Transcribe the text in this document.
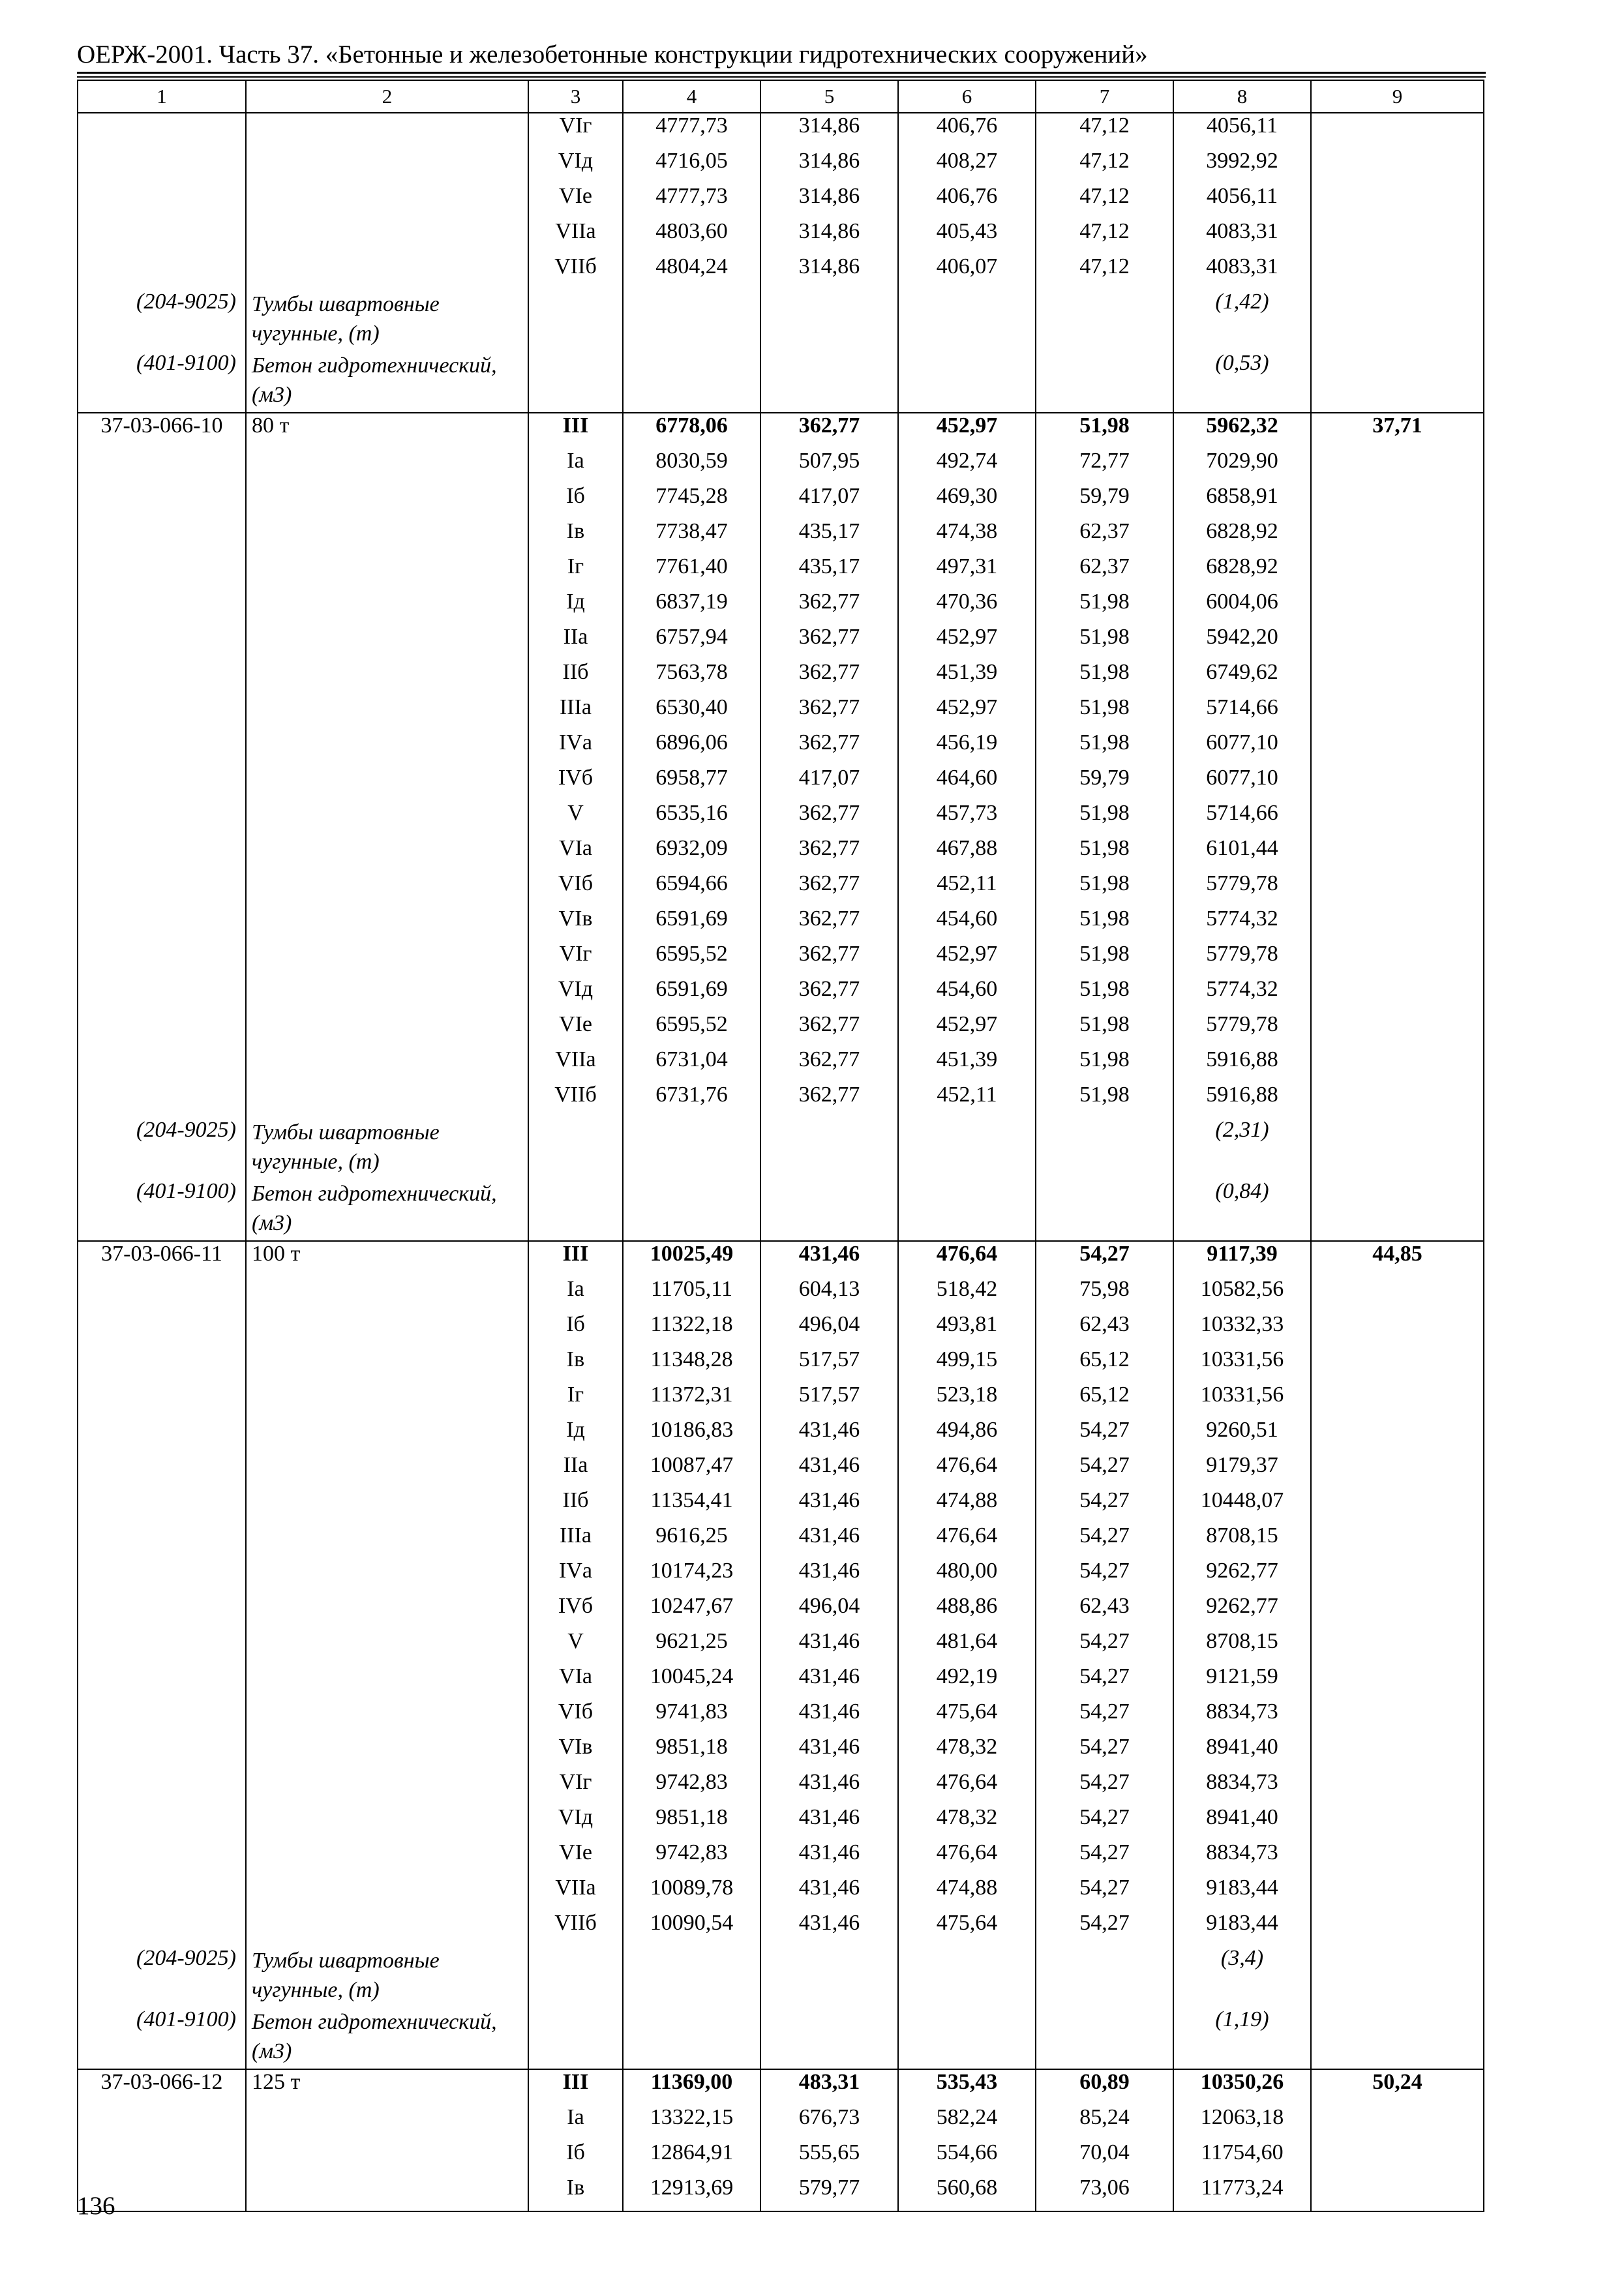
ОЕРЖ-2001. Часть 37. «Бетонные и железобетонные конструкции гидротехнических сооружений»
1	2	3	4	5	6	7	8	9
		VIг	4777,73	314,86	406,76	47,12	4056,11	
		VIд	4716,05	314,86	408,27	47,12	3992,92	
		VIе	4777,73	314,86	406,76	47,12	4056,11	
		VIIа	4803,60	314,86	405,43	47,12	4083,31	
		VIIб	4804,24	314,86	406,07	47,12	4083,31	
(204-9025)	Тумбы швартовные чугунные, (т)						(1,42)	
(401-9100)	Бетон гидротехнический, (м3)						(0,53)	
37-03-066-10	80 т	III	6778,06	362,77	452,97	51,98	5962,32	37,71
		Iа	8030,59	507,95	492,74	72,77	7029,90	
		Iб	7745,28	417,07	469,30	59,79	6858,91	
		Iв	7738,47	435,17	474,38	62,37	6828,92	
		Iг	7761,40	435,17	497,31	62,37	6828,92	
		Iд	6837,19	362,77	470,36	51,98	6004,06	
		IIа	6757,94	362,77	452,97	51,98	5942,20	
		IIб	7563,78	362,77	451,39	51,98	6749,62	
		IIIа	6530,40	362,77	452,97	51,98	5714,66	
		IVа	6896,06	362,77	456,19	51,98	6077,10	
		IVб	6958,77	417,07	464,60	59,79	6077,10	
		V	6535,16	362,77	457,73	51,98	5714,66	
		VIа	6932,09	362,77	467,88	51,98	6101,44	
		VIб	6594,66	362,77	452,11	51,98	5779,78	
		VIв	6591,69	362,77	454,60	51,98	5774,32	
		VIг	6595,52	362,77	452,97	51,98	5779,78	
		VIд	6591,69	362,77	454,60	51,98	5774,32	
		VIе	6595,52	362,77	452,97	51,98	5779,78	
		VIIа	6731,04	362,77	451,39	51,98	5916,88	
		VIIб	6731,76	362,77	452,11	51,98	5916,88	
(204-9025)	Тумбы швартовные чугунные, (т)						(2,31)	
(401-9100)	Бетон гидротехнический, (м3)						(0,84)	
37-03-066-11	100 т	III	10025,49	431,46	476,64	54,27	9117,39	44,85
		Iа	11705,11	604,13	518,42	75,98	10582,56	
		Iб	11322,18	496,04	493,81	62,43	10332,33	
		Iв	11348,28	517,57	499,15	65,12	10331,56	
		Iг	11372,31	517,57	523,18	65,12	10331,56	
		Iд	10186,83	431,46	494,86	54,27	9260,51	
		IIа	10087,47	431,46	476,64	54,27	9179,37	
		IIб	11354,41	431,46	474,88	54,27	10448,07	
		IIIа	9616,25	431,46	476,64	54,27	8708,15	
		IVа	10174,23	431,46	480,00	54,27	9262,77	
		IVб	10247,67	496,04	488,86	62,43	9262,77	
		V	9621,25	431,46	481,64	54,27	8708,15	
		VIа	10045,24	431,46	492,19	54,27	9121,59	
		VIб	9741,83	431,46	475,64	54,27	8834,73	
		VIв	9851,18	431,46	478,32	54,27	8941,40	
		VIг	9742,83	431,46	476,64	54,27	8834,73	
		VIд	9851,18	431,46	478,32	54,27	8941,40	
		VIе	9742,83	431,46	476,64	54,27	8834,73	
		VIIа	10089,78	431,46	474,88	54,27	9183,44	
		VIIб	10090,54	431,46	475,64	54,27	9183,44	
(204-9025)	Тумбы швартовные чугунные, (т)						(3,4)	
(401-9100)	Бетон гидротехнический, (м3)						(1,19)	
37-03-066-12	125 т	III	11369,00	483,31	535,43	60,89	10350,26	50,24
		Iа	13322,15	676,73	582,24	85,24	12063,18	
		Iб	12864,91	555,65	554,66	70,04	11754,60	
		Iв	12913,69	579,77	560,68	73,06	11773,24	
136
